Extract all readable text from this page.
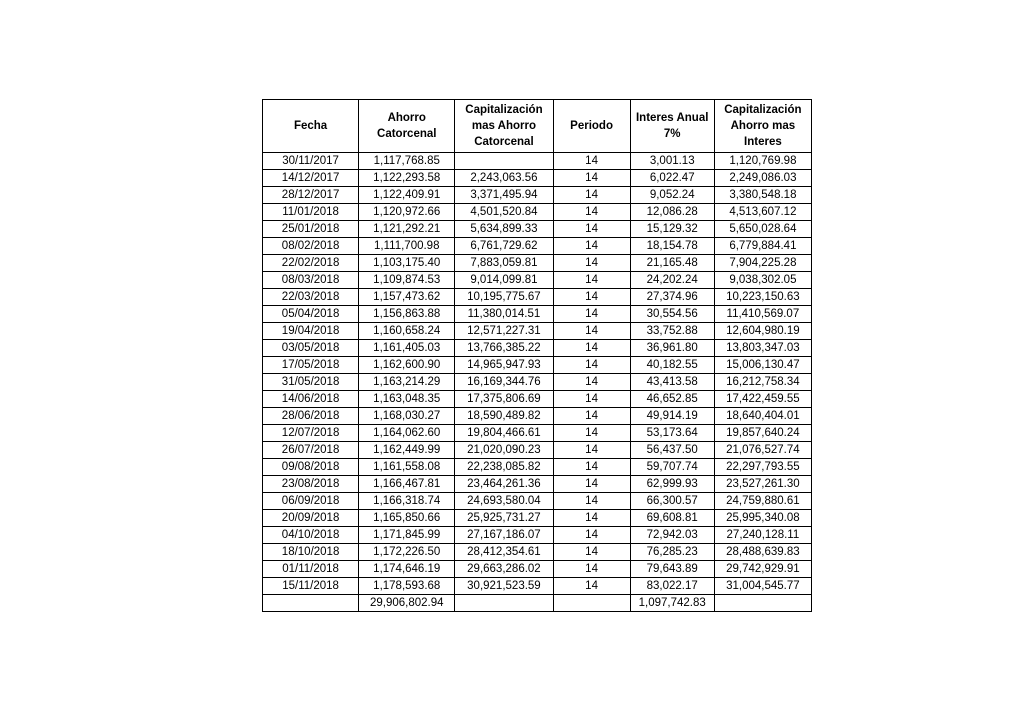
Fecha	Ahorro Catorcenal	Capitalización mas Ahorro Catorcenal	Periodo	Interes Anual 7%	Capitalización Ahorro mas Interes
30/11/2017	1,117,768.85		14	3,001.13	1,120,769.98
14/12/2017	1,122,293.58	2,243,063.56	14	6,022.47	2,249,086.03
28/12/2017	1,122,409.91	3,371,495.94	14	9,052.24	3,380,548.18
11/01/2018	1,120,972.66	4,501,520.84	14	12,086.28	4,513,607.12
25/01/2018	1,121,292.21	5,634,899.33	14	15,129.32	5,650,028.64
08/02/2018	1,111,700.98	6,761,729.62	14	18,154.78	6,779,884.41
22/02/2018	1,103,175.40	7,883,059.81	14	21,165.48	7,904,225.28
08/03/2018	1,109,874.53	9,014,099.81	14	24,202.24	9,038,302.05
22/03/2018	1,157,473.62	10,195,775.67	14	27,374.96	10,223,150.63
05/04/2018	1,156,863.88	11,380,014.51	14	30,554.56	11,410,569.07
19/04/2018	1,160,658.24	12,571,227.31	14	33,752.88	12,604,980.19
03/05/2018	1,161,405.03	13,766,385.22	14	36,961.80	13,803,347.03
17/05/2018	1,162,600.90	14,965,947.93	14	40,182.55	15,006,130.47
31/05/2018	1,163,214.29	16,169,344.76	14	43,413.58	16,212,758.34
14/06/2018	1,163,048.35	17,375,806.69	14	46,652.85	17,422,459.55
28/06/2018	1,168,030.27	18,590,489.82	14	49,914.19	18,640,404.01
12/07/2018	1,164,062.60	19,804,466.61	14	53,173.64	19,857,640.24
26/07/2018	1,162,449.99	21,020,090.23	14	56,437.50	21,076,527.74
09/08/2018	1,161,558.08	22,238,085.82	14	59,707.74	22,297,793.55
23/08/2018	1,166,467.81	23,464,261.36	14	62,999.93	23,527,261.30
06/09/2018	1,166,318.74	24,693,580.04	14	66,300.57	24,759,880.61
20/09/2018	1,165,850.66	25,925,731.27	14	69,608.81	25,995,340.08
04/10/2018	1,171,845.99	27,167,186.07	14	72,942.03	27,240,128.11
18/10/2018	1,172,226.50	28,412,354.61	14	76,285.23	28,488,639.83
01/11/2018	1,174,646.19	29,663,286.02	14	79,643.89	29,742,929.91
15/11/2018	1,178,593.68	30,921,523.59	14	83,022.17	31,004,545.77
	29,906,802.94			1,097,742.83	
